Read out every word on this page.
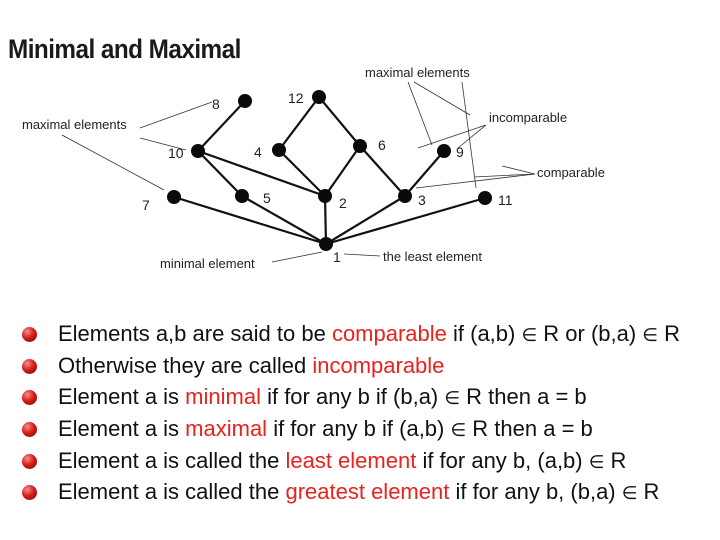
Minimal and Maximal
1
2	3
4
5
6
7
8
9
10
11
12
maximal elements
maximal elements	incomparable
comparable
minimal element	the least element
Elements a,b are said to be comparable if (a,b) ∈ R or (b,a) ∈ R
Otherwise they are called incomparable
Element a is minimal if for any b if (b,a) ∈ R then a = b
Element a is maximal if for any b if (a,b) ∈ R then a = b
Element a is called the least element if for any b, (a,b) ∈ R
Element a is called the greatest element if for any b, (b,a) ∈ R
